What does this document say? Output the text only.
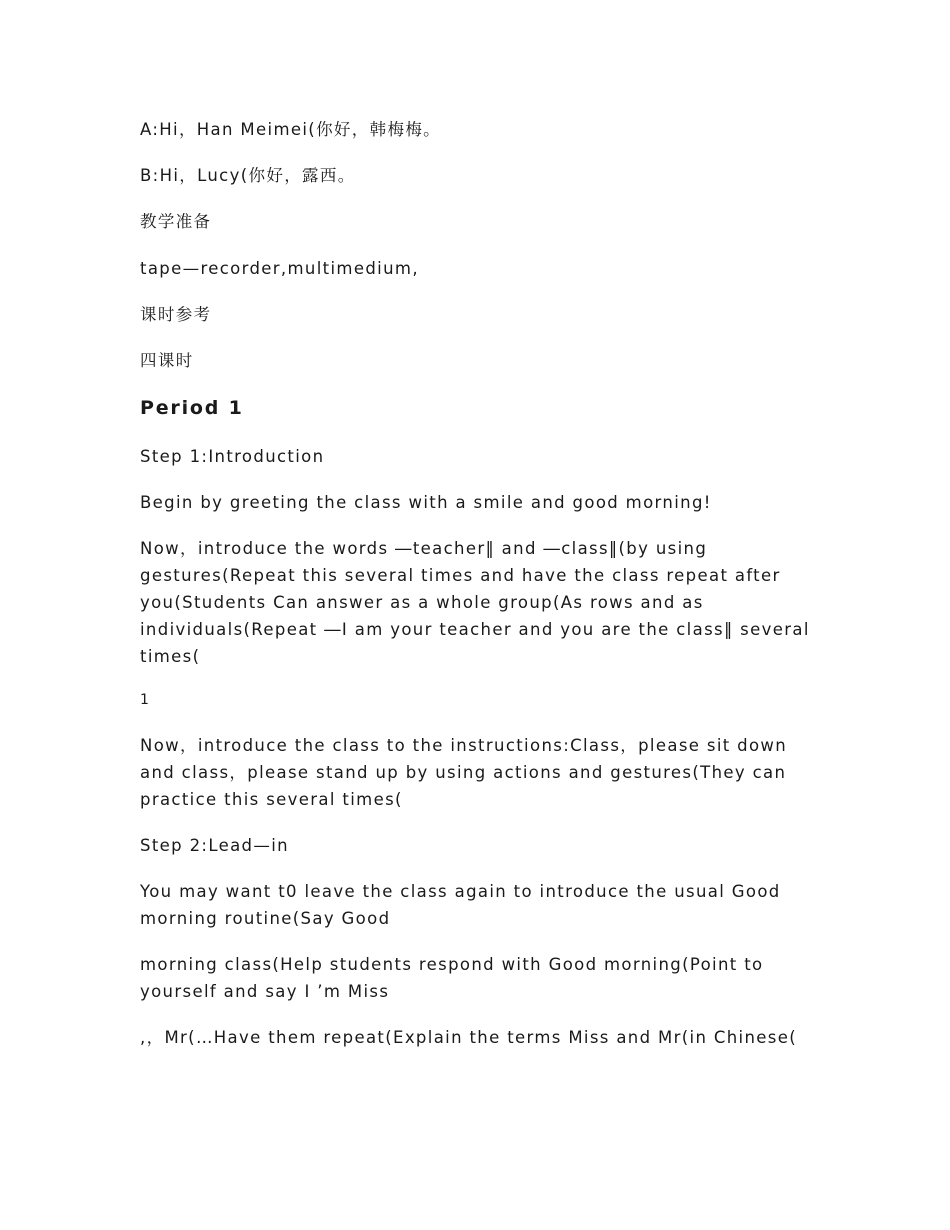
A:Hi，Han Meimei(你好，韩梅梅。

B:Hi，Lucy(你好，露西。

教学准备

tape—recorder,multimedium,

课时参考

四课时

Period 1

Step 1:Introduction

Begin by greeting the class with a smile and good morning!

Now，introduce the words ―teacher‖ and ―class‖(by using gestures(Repeat this several times and have the class repeat after you(Students Can answer as a whole group(As rows and as individuals(Repeat ―I am your teacher and you are the class‖ several times(

1

Now，introduce the class to the instructions:Class，please sit down and class，please stand up by using actions and gestures(They can practice this several times(

Step 2:Lead—in

You may want t0 leave the class again to introduce the usual Good morning routine(Say Good

morning class(Help students respond with Good morning(Point to yourself and say I ’m Miss

,，Mr(…Have them repeat(Explain the terms Miss and Mr(in Chinese(
